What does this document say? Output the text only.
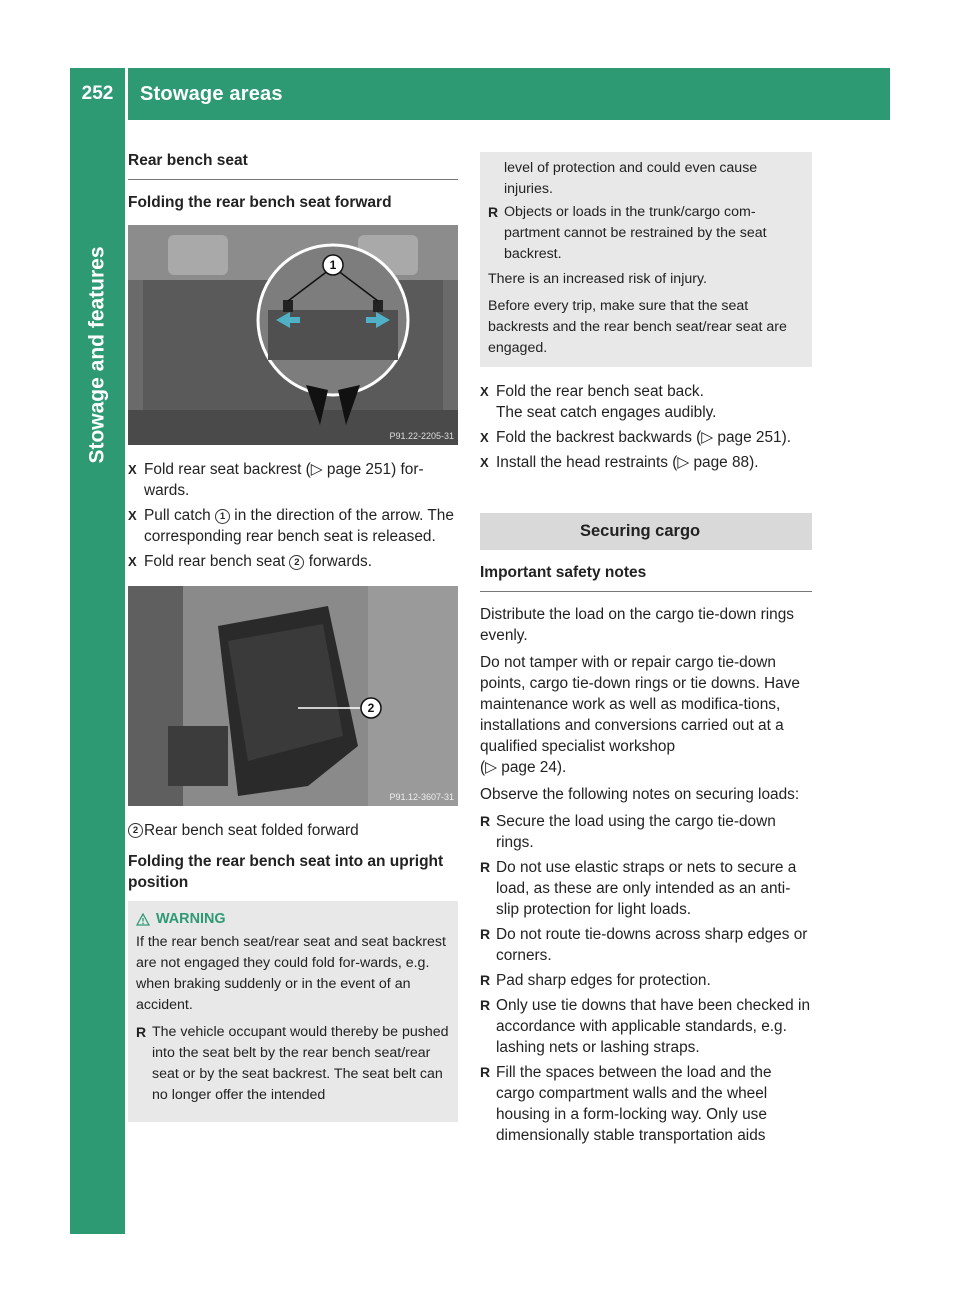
252	Stowage areas
Stowage and features
Rear bench seat
Folding the rear bench seat forward
1
P91.22-2205-31
X Fold rear seat backrest (▷ page 251) for-wards.
X Pull catch 1 in the direction of the arrow. The corresponding rear bench seat is released.
X Fold rear bench seat 2 forwards.
2
P91.12-3607-31
2 Rear bench seat folded forward
Folding the rear bench seat into an upright position
WARNING

If the rear bench seat/rear seat and seat backrest are not engaged they could fold for-wards, e.g. when braking suddenly or in the event of an accident.

R The vehicle occupant would thereby be pushed into the seat belt by the rear bench seat/rear seat or by the seat backrest. The seat belt can no longer offer the intended
level of protection and could even cause injuries.
R Objects or loads in the trunk/cargo com-partment cannot be restrained by the seat backrest.

There is an increased risk of injury.

Before every trip, make sure that the seat backrests and the rear bench seat/rear seat are engaged.

X Fold the rear bench seat back.
The seat catch engages audibly.
X Fold the backrest backwards (▷ page 251).
X Install the head restraints (▷ page 88).
Securing cargo
Important safety notes

Distribute the load on the cargo tie-down rings evenly.

Do not tamper with or repair cargo tie-down points, cargo tie-down rings or tie downs. Have maintenance work as well as modifica-tions, installations and conversions carried out at a qualified specialist workshop
(▷ page 24).

Observe the following notes on securing loads:

R Secure the load using the cargo tie-down rings.
R Do not use elastic straps or nets to secure a load, as these are only intended as an anti-slip protection for light loads.
R Do not route tie-downs across sharp edges or corners.
R Pad sharp edges for protection.
R Only use tie downs that have been checked in accordance with applicable standards, e.g. lashing nets or lashing straps.
R Fill the spaces between the load and the cargo compartment walls and the wheel housing in a form-locking way. Only use dimensionally stable transportation aids
